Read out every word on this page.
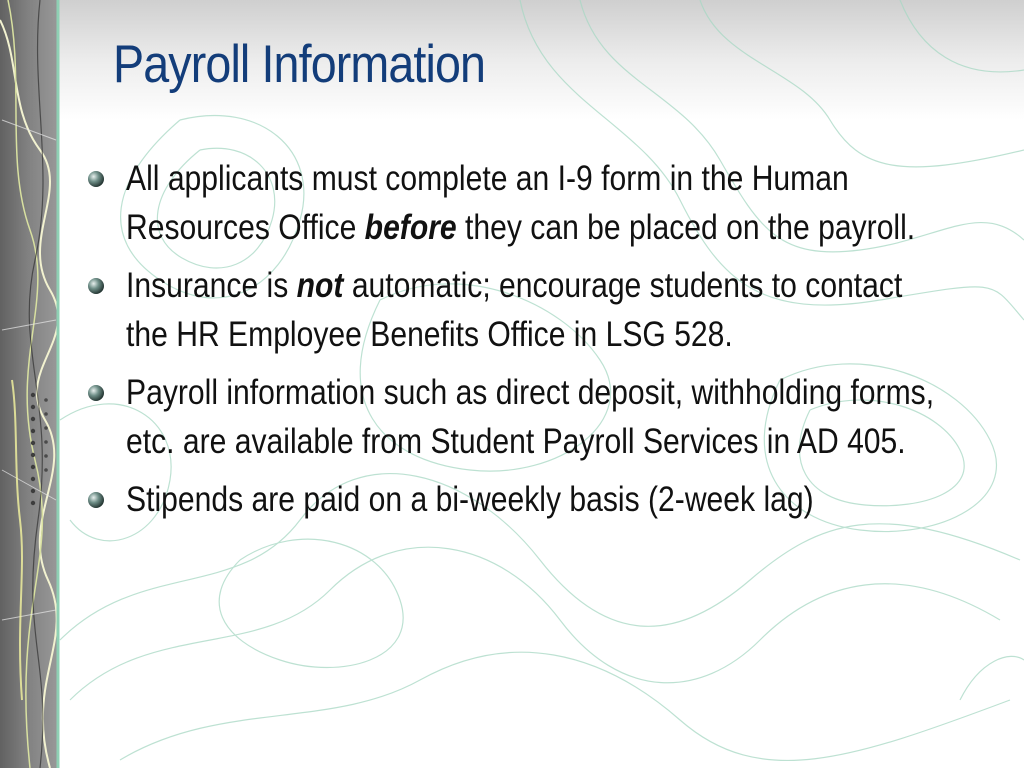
Payroll Information
All applicants must complete an I-9 form in the Human Resources Office before they can be placed on the payroll.
Insurance is not automatic; encourage students to contact the HR Employee Benefits Office in LSG 528.
Payroll information such as direct deposit, withholding forms, etc. are available from Student Payroll Services in AD 405.
Stipends are paid on a bi-weekly basis (2-week lag)
